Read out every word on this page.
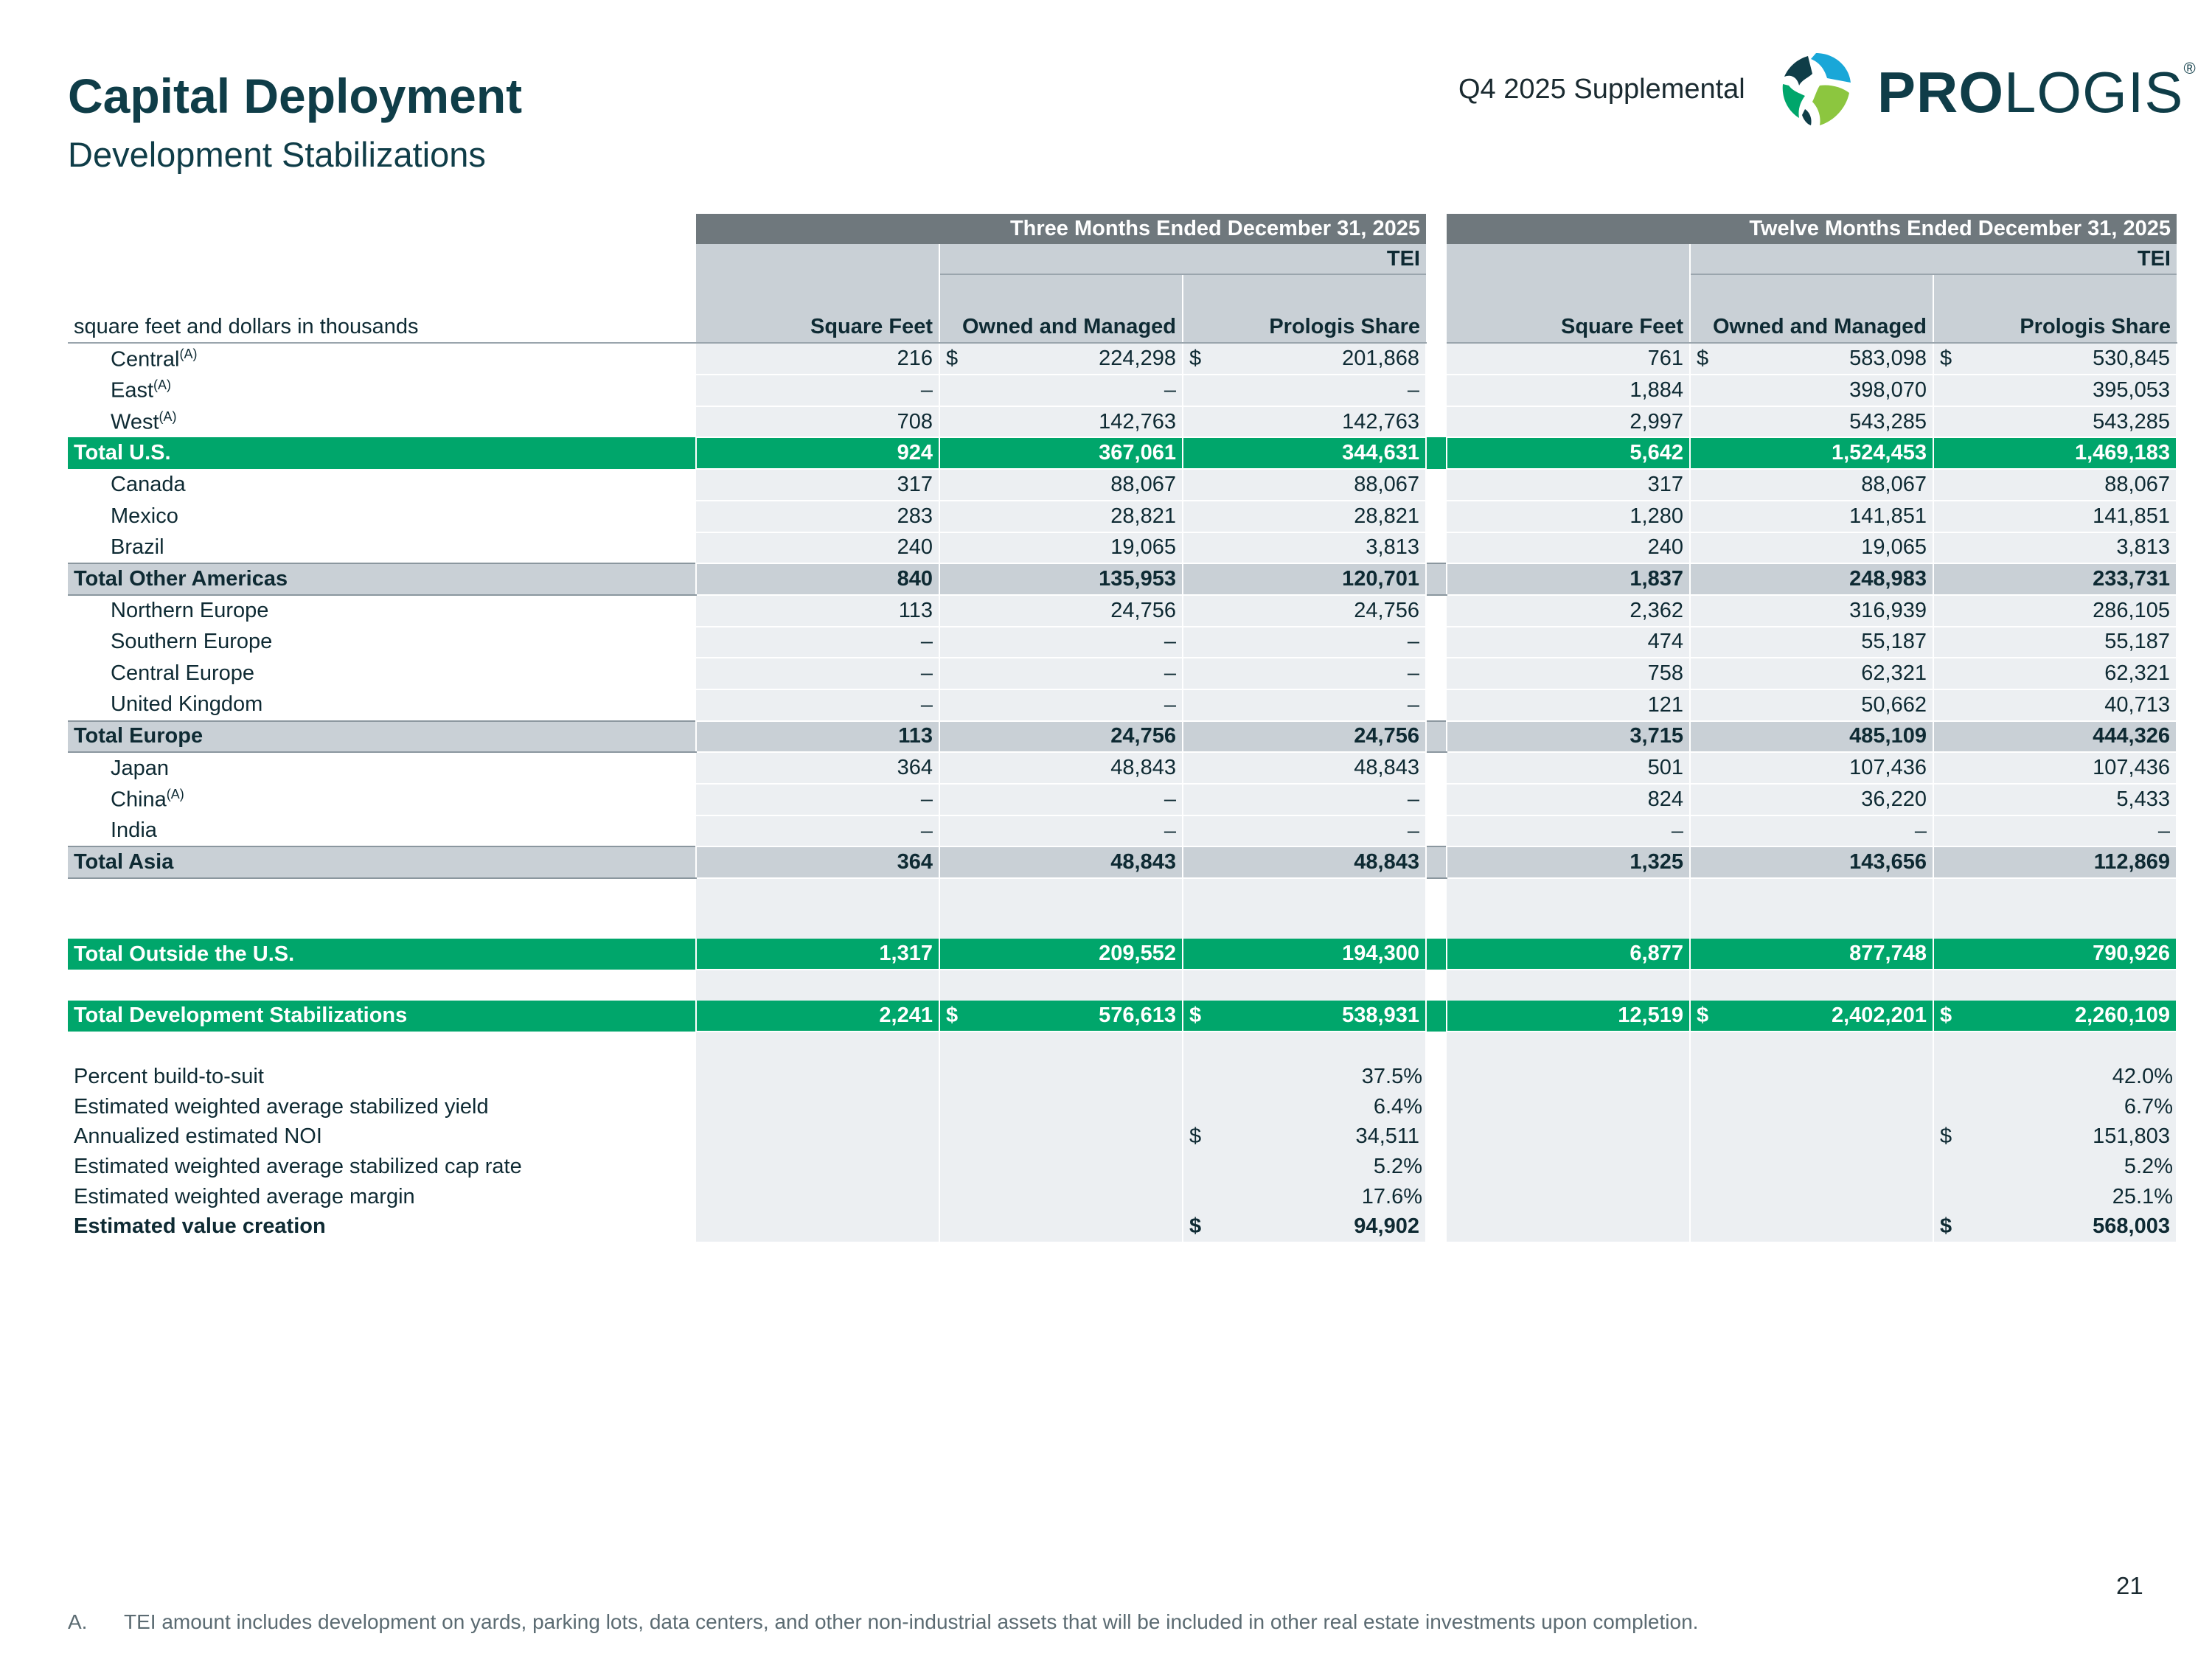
Capital Deployment
Development Stabilizations
Q4 2025 Supplemental PROLOGIS®
	Three Months Ended December 31, 2025				Twelve Months Ended December 31, 2025		
		TEI				TEI	
square feet and dollars in thousands	Square Feet	Owned and Managed	Prologis Share		Square Feet	Owned and Managed	Prologis Share
Central$^{(A)}$	216	$ 224,298	$ 201,868		761	$ 583,098	$ 530,845
East$^{(A)}$	–	–	–		1,884	398,070	395,053
West$^{(A)}$	708	142,763	142,763		2,997	543,285	543,285
Total U.S.	924	367,061	344,631		5,642	1,524,453	1,469,183
Canada	317	88,067	88,067		317	88,067	88,067
Mexico	283	28,821	28,821		1,280	141,851	141,851
Brazil	240	19,065	3,813		240	19,065	3,813
Total Other Americas	840	135,953	120,701		1,837	248,983	233,731
Northern Europe	113	24,756	24,756		2,362	316,939	286,105
Southern Europe	–	–	–		474	55,187	55,187
Central Europe	–	–	–		758	62,321	62,321
United Kingdom	–	–	–		121	50,662	40,713
Total Europe	113	24,756	24,756		3,715	485,109	444,326
Japan	364	48,843	48,843		501	107,436	107,436
China$^{(A)}$	–	–	–		824	36,220	5,433
India	–	–	–		–	–	–
Total Asia	364	48,843	48,843		1,325	143,656	112,869

Total Outside the U.S.	1,317	209,552	194,300		6,877	877,748	790,926

Total Development Stabilizations	2,241	$ 576,613	$ 538,931		12,519	$ 2,402,201	$ 2,260,109

Percent build-to-suit			37.5%				42.0%
Estimated weighted average stabilized yield			6.4%				6.7%
Annualized estimated NOI			$ 34,511				$ 151,803
Estimated weighted average stabilized cap rate			5.2%				5.2%
Estimated weighted average margin			17.6%				25.1%
Estimated value creation			$ 94,902				$ 568,003
21
A. TEI amount includes development on yards, parking lots, data centers, and other non-industrial assets that will be included in other real estate investments upon completion.
